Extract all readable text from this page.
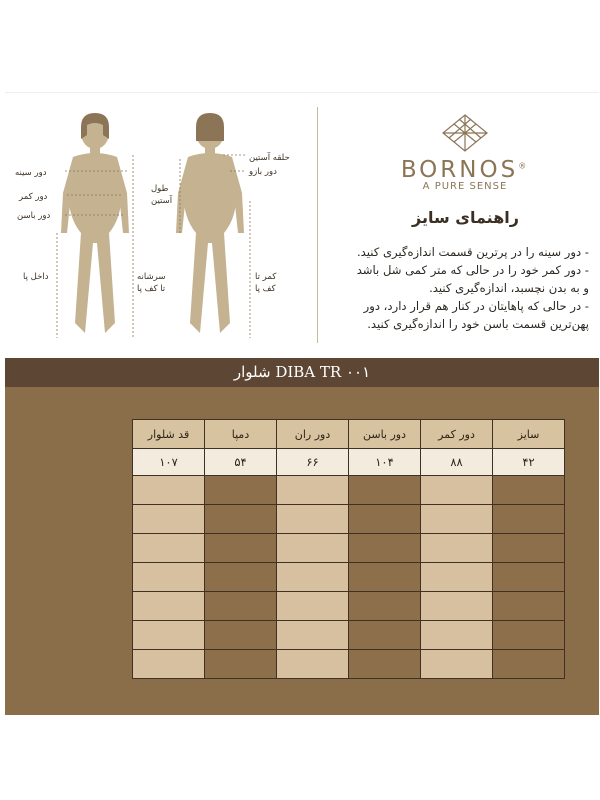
دور سینه
دور کمر
دور باسن
داخل پا	سرشانه
تا کف پا
حلقه آستین
دور بازو
طول
آستین
کمر تا
کف پا
BORNOS®
A PURE SENSE
راهنمای سایز

- دور سینه را در پرترین قسمت اندازه‌گیری کنید.

- دور کمر خود را در حالی که متر کمی شل باشد

و به بدن نچسبد، اندازه‌گیری کنید.

- در حالی که پاهایتان در کنار هم قرار دارد، دور

پهن‌ترین قسمت باسن خود را اندازه‌گیری کنید.

شلوار DIBA TR ۰۰۱
قد شلوار	دمپا	دور ران	دور باسن	دور کمر	سایز
۱۰۷	۵۴	۶۶	۱۰۴	۸۸	۴۲
